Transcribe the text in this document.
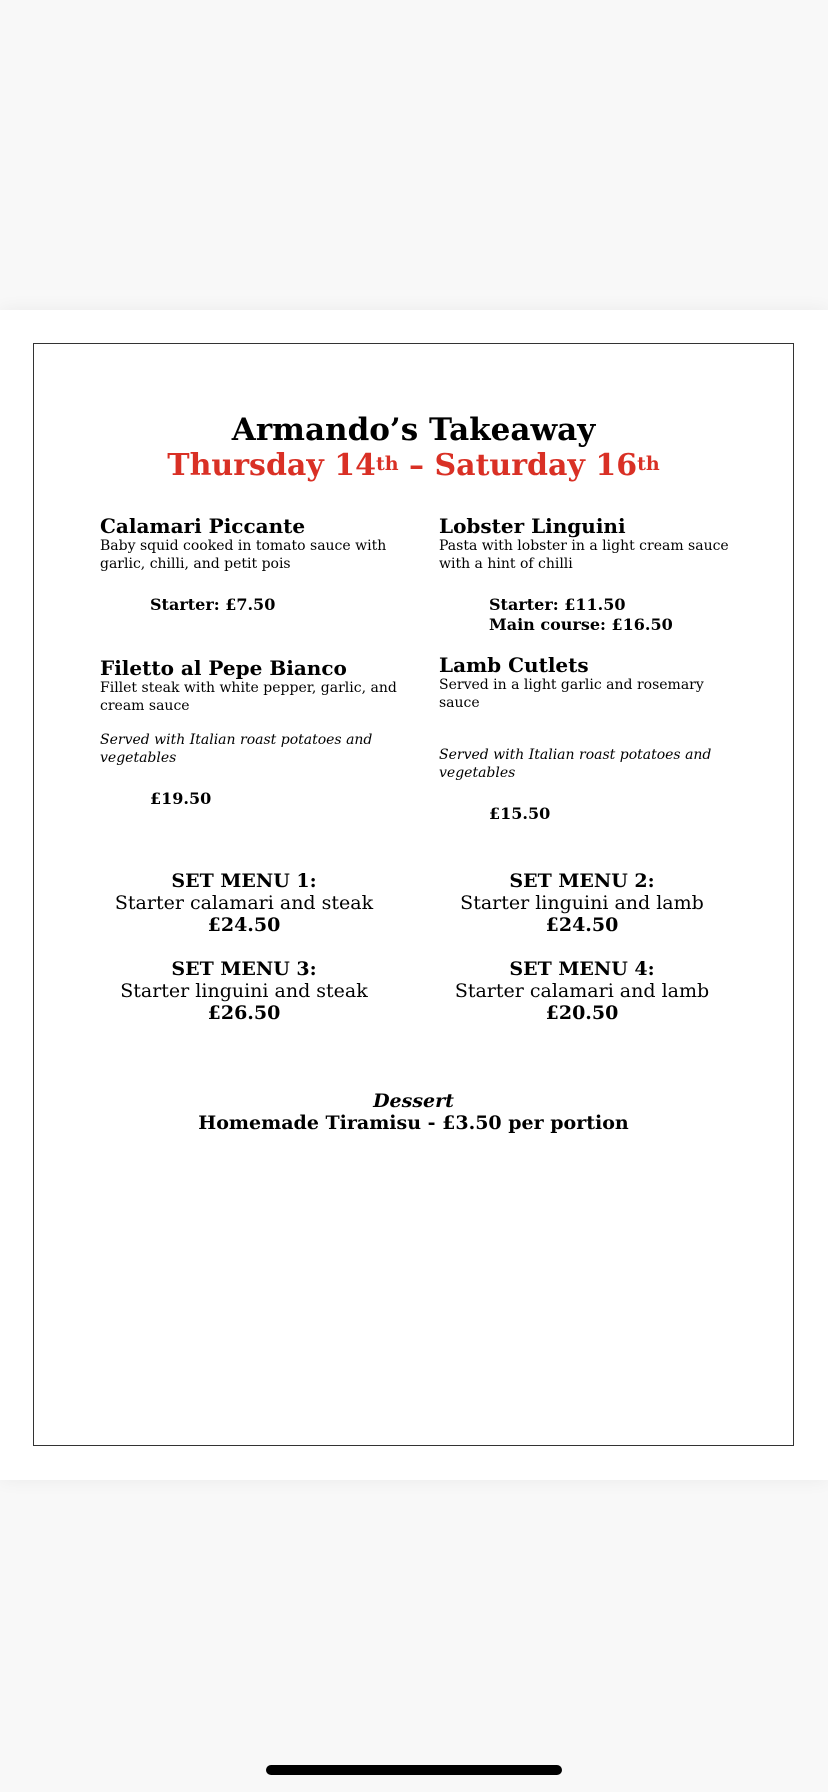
Armando’s Takeaway
Thursday 14th – Saturday 16th

Calamari Piccante

Baby squid cooked in tomato sauce with garlic, chilli, and petit pois

Starter: £7.50

Lobster Linguini

Pasta with lobster in a light cream sauce with a hint of chilli

Starter: £11.50

Main course: £16.50

Filetto al Pepe Bianco

Fillet steak with white pepper, garlic, and cream sauce

Served with Italian roast potatoes and vegetables

£19.50

Lamb Cutlets

Served in a light garlic and rosemary sauce

Served with Italian roast potatoes and vegetables

£15.50

SET MENU 1:

Starter calamari and steak

£24.50

SET MENU 2:

Starter linguini and lamb

£24.50

SET MENU 3:

Starter linguini and steak

£26.50

SET MENU 4:

Starter calamari and lamb

£20.50

Dessert

Homemade Tiramisu - £3.50 per portion
